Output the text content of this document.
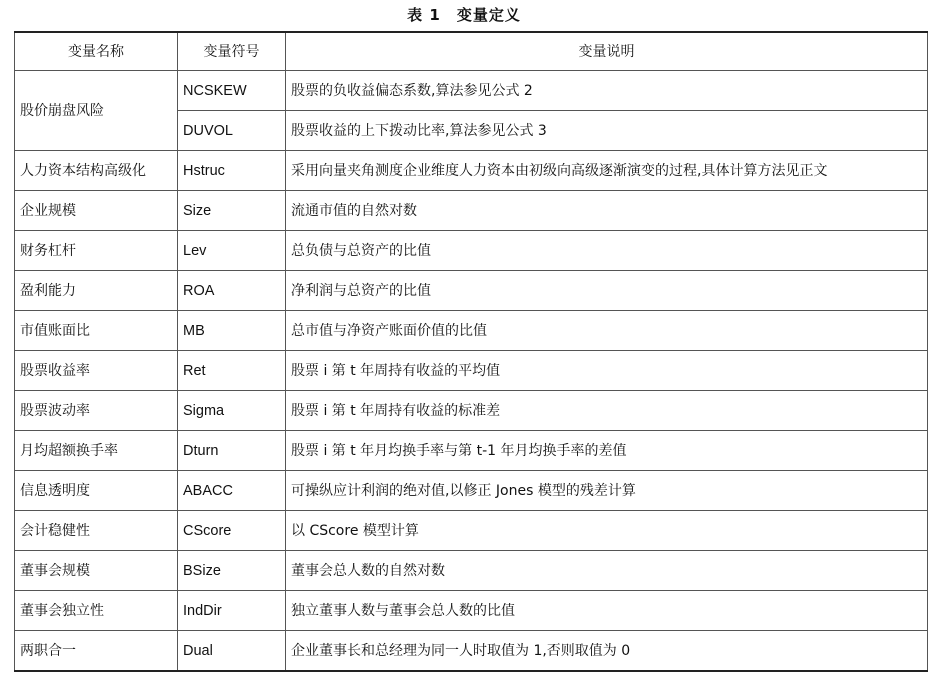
表 1　变量定义
变量名称	变量符号	变量说明
股价崩盘风险	NCSKEW	股票的负收益偏态系数,算法参见公式 2
	DUVOL	股票收益的上下拨动比率,算法参见公式 3
人力资本结构高级化	Hstruc	采用向量夹角测度企业维度人力资本由初级向高级逐渐演变的过程,具体计算方法见正文
企业规模	Size	流通市值的自然对数
财务杠杆	Lev	总负债与总资产的比值
盈利能力	ROA	净利润与总资产的比值
市值账面比	MB	总市值与净资产账面价值的比值
股票收益率	Ret	股票 i 第 t 年周持有收益的平均值
股票波动率	Sigma	股票 i 第 t 年周持有收益的标准差
月均超额换手率	Dturn	股票 i 第 t 年月均换手率与第 t-1 年月均换手率的差值
信息透明度	ABACC	可操纵应计利润的绝对值,以修正 Jones 模型的残差计算
会计稳健性	CScore	以 CScore 模型计算
董事会规模	BSize	董事会总人数的自然对数
董事会独立性	IndDir	独立董事人数与董事会总人数的比值
两职合一	Dual	企业董事长和总经理为同一人时取值为 1,否则取值为 0
